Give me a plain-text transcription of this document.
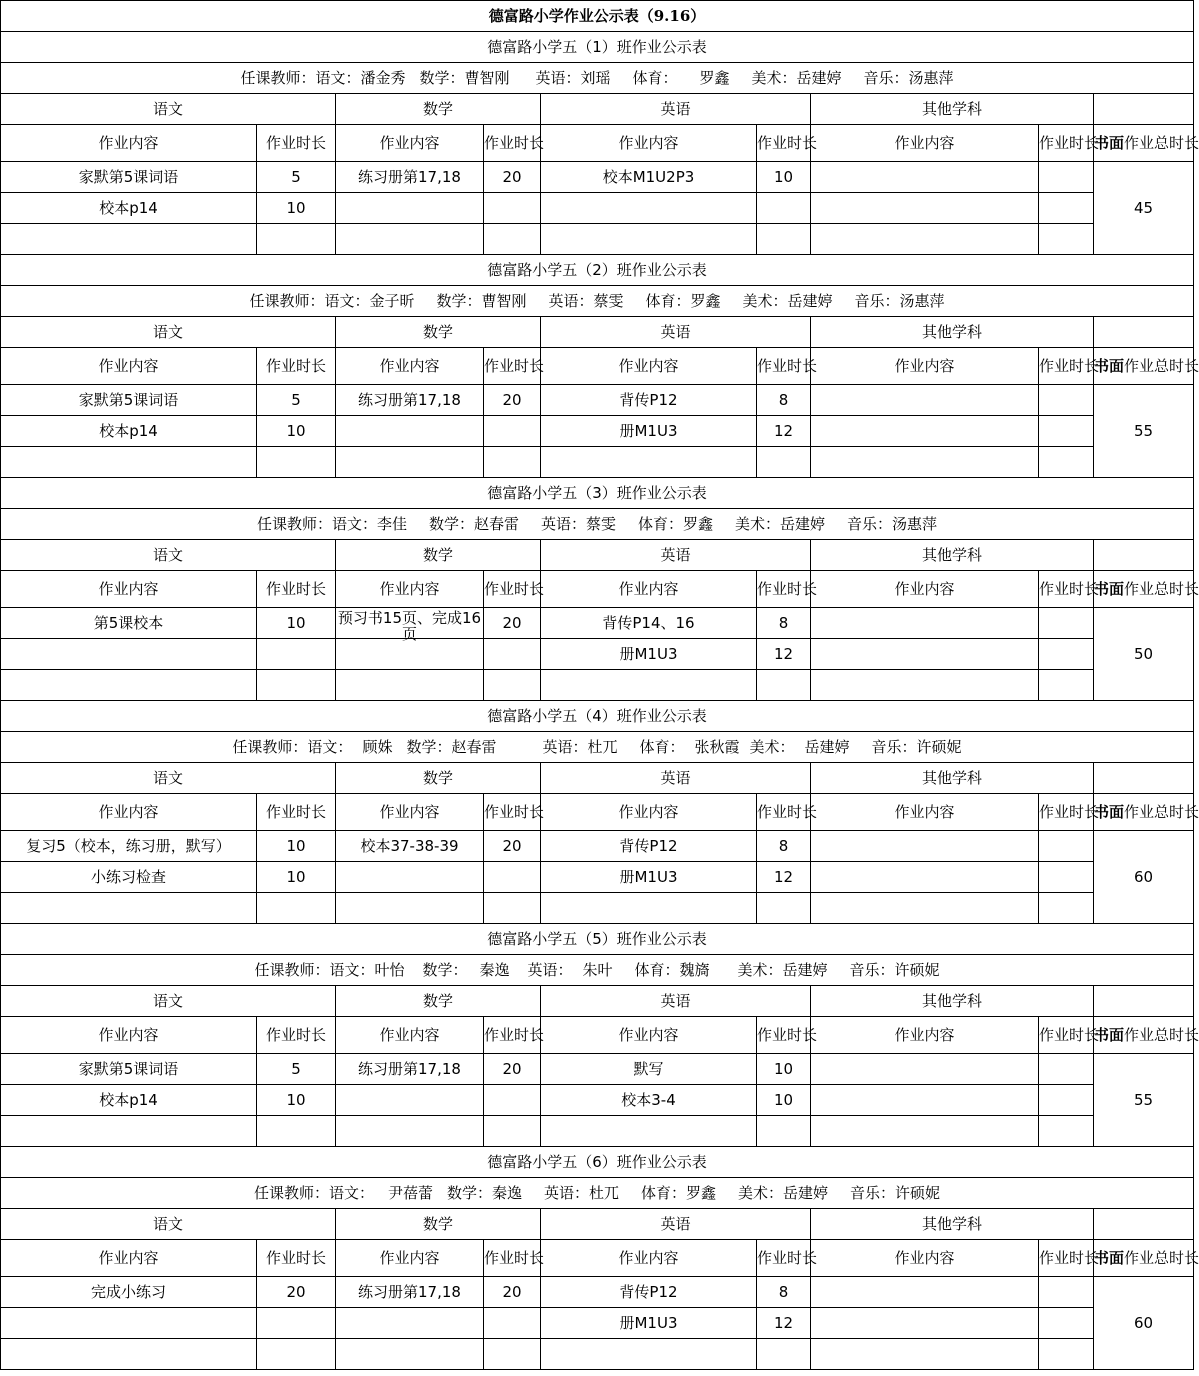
德富路小学作业公示表（9.16）								
德富路小学五（1）班作业公示表								
任课教师：语文：潘金秀 数学：曹智刚 英语：刘瑶 体育： 罗鑫 美术：岳建婷 音乐：汤惠萍								
语文		数学		英语		其他学科		
作业内容	作业时长	作业内容	作业时长	作业内容	作业时长	作业内容	作业时长	书面作业总时长
家默第5课词语	5	练习册第17,18	20	校本M1U2P3	10			45
校本p14	10							

德富路小学五（2）班作业公示表								
任课教师：语文：金子昕 数学：曹智刚 英语：蔡雯 体育：罗鑫 美术：岳建婷 音乐：汤惠萍								
语文		数学		英语		其他学科		
作业内容	作业时长	作业内容	作业时长	作业内容	作业时长	作业内容	作业时长	书面作业总时长
家默第5课词语	5	练习册第17,18	20	背传P12	8			55
校本p14	10			册M1U3	12			

德富路小学五（3）班作业公示表								
任课教师：语文：李佳 数学：赵春雷 英语：蔡雯 体育：罗鑫 美术：岳建婷 音乐：汤惠萍								
语文		数学		英语		其他学科		
作业内容	作业时长	作业内容	作业时长	作业内容	作业时长	作业内容	作业时长	书面作业总时长
第5课校本	10	预习书15页、完成16页	20	背传P14、16	8			50
				册M1U3	12			

德富路小学五（4）班作业公示表								
任课教师：语文： 顾姝 数学：赵春雷 英语：杜兀 体育： 张秋霞 美术： 岳建婷 音乐：许硕妮								
语文		数学		英语		其他学科		
作业内容	作业时长	作业内容	作业时长	作业内容	作业时长	作业内容	作业时长	书面作业总时长
复习5（校本，练习册，默写）	10	校本37-38-39	20	背传P12	8			60
小练习检查	10			册M1U3	12			

德富路小学五（5）班作业公示表								
任课教师：语文：叶怡 数学： 秦逸 英语： 朱叶 体育：魏旖 美术：岳建婷 音乐：许硕妮								
语文		数学		英语		其他学科		
作业内容	作业时长	作业内容	作业时长	作业内容	作业时长	作业内容	作业时长	书面作业总时长
家默第5课词语	5	练习册第17,18	20	默写	10			55
校本p14	10			校本3-4	10			

德富路小学五（6）班作业公示表								
任课教师：语文： 尹蓓蕾 数学：秦逸 英语：杜兀 体育：罗鑫 美术：岳建婷 音乐：许硕妮								
语文		数学		英语		其他学科		
作业内容	作业时长	作业内容	作业时长	作业内容	作业时长	作业内容	作业时长	书面作业总时长
完成小练习	20	练习册第17,18	20	背传P12	8			60
				册M1U3	12			
